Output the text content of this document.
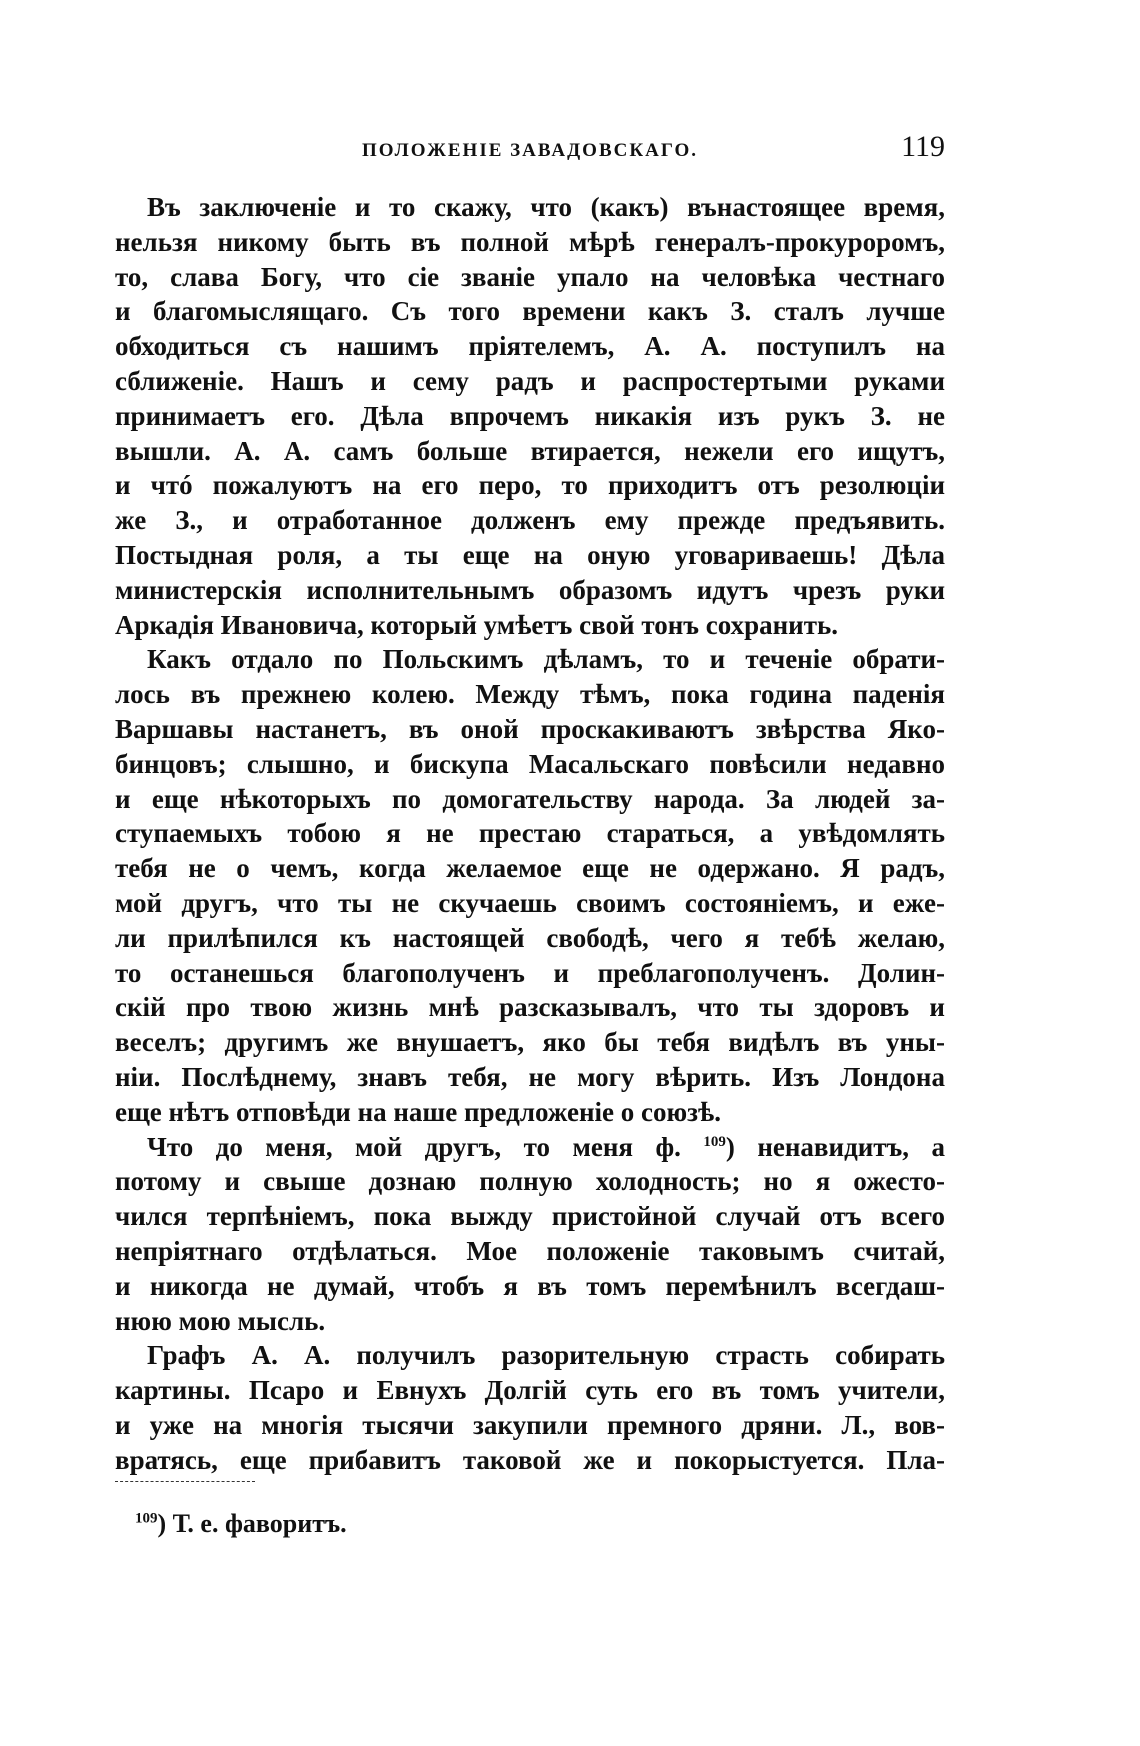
ПОЛОЖЕНІЕ ЗАВАДОВСКАГО.	119
Въ заключеніе и то скажу, что (какъ) вънастоящее время,
нельзя никому быть въ полной мѣрѣ генералъ-прокуроромъ,
то, слава Богу, что сіе званіе упало на человѣка честнаго
и благомыслящаго. Съ того времени какъ З. сталъ лучше
обходиться съ нашимъ пріятелемъ, А. А. поступилъ на
сближеніе. Нашъ и сему радъ и распростертыми руками
принимаетъ его. Дѣла впрочемъ никакія изъ рукъ З. не
вышли. А. А. самъ больше втирается, нежели его ищутъ,
и чтó пожалуютъ на его перо, то приходитъ отъ резолюціи
же З., и отработанное долженъ ему прежде предъявить.
Постыдная роля, а ты еще на оную уговариваешь! Дѣла
министерскія исполнительнымъ образомъ идутъ чрезъ руки
Аркадія Ивановича, который умѣетъ свой тонъ сохранить.
Какъ отдало по Польскимъ дѣламъ, то и теченіе обрати-
лось въ прежнею колею. Между тѣмъ, пока година паденія
Варшавы настанетъ, въ оной проскакиваютъ звѣрства Яко-
бинцовъ; слышно, и бискупа Масальскаго повѣсили недавно
и еще нѣкоторыхъ по домогательству народа. За людей за-
ступаемыхъ тобою я не престаю стараться, а увѣдомлять
тебя не о чемъ, когда желаемое еще не одержано. Я радъ,
мой другъ, что ты не скучаешь своимъ состояніемъ, и еже-
ли прилѣпился къ настоящей свободѣ, чего я тебѣ желаю,
то останешься благополученъ и преблагополученъ. Долин-
скій про твою жизнь мнѣ разсказывалъ, что ты здоровъ и
веселъ; другимъ же внушаетъ, яко бы тебя видѣлъ въ уны-
ніи. Послѣднему, знавъ тебя, не могу вѣрить. Изъ Лондона
еще нѣтъ отповѣди на наше предложеніе о союзѣ.
Что до меня, мой другъ, то меня ф. $^{109}$) ненавидитъ, а
потому и свыше дознаю полную холодность; но я ожесто-
чился терпѣніемъ, пока выжду пристойной случай отъ всего
непріятнаго отдѣлаться. Мое положеніе таковымъ считай,
и никогда не думай, чтобъ я въ томъ перемѣнилъ всегдаш-
нюю мою мысль.
Графъ А. А. получилъ разорительную страсть собирать
картины. Псаро и Евнухъ Долгій суть его въ томъ учители,
и уже на многія тысячи закупили премного дряни. Л., вов-
вратясь, еще прибавитъ таковой же и покорыстуется. Пла-
$^{109}$) Т. е. фаворитъ.
